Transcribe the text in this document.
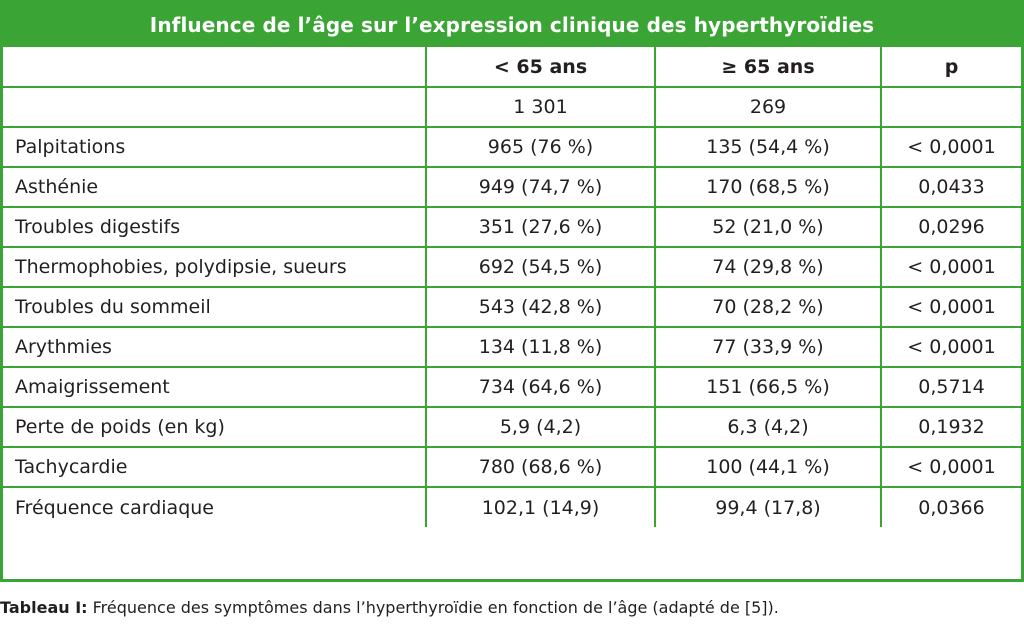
Influence de l’âge sur l’expression clinique des hyperthyroïdies
	< 65 ans	≥ 65 ans	p
	1 301	269	
Palpitations	965 (76 %)	135 (54,4 %)	< 0,0001
Asthénie	949 (74,7 %)	170 (68,5 %)	0,0433
Troubles digestifs	351 (27,6 %)	52 (21,0 %)	0,0296
Thermophobies, polydipsie, sueurs	692 (54,5 %)	74 (29,8 %)	< 0,0001
Troubles du sommeil	543 (42,8 %)	70 (28,2 %)	< 0,0001
Arythmies	134 (11,8 %)	77 (33,9 %)	< 0,0001
Amaigrissement	734 (64,6 %)	151 (66,5 %)	0,5714
Perte de poids (en kg)	5,9 (4,2)	6,3 (4,2)	0,1932
Tachycardie	780 (68,6 %)	100 (44,1 %)	< 0,0001
Fréquence cardiaque	102,1 (14,9)	99,4 (17,8)	0,0366
Tableau I: Fréquence des symptômes dans l’hyperthyroïdie en fonction de l’âge (adapté de [5]).
